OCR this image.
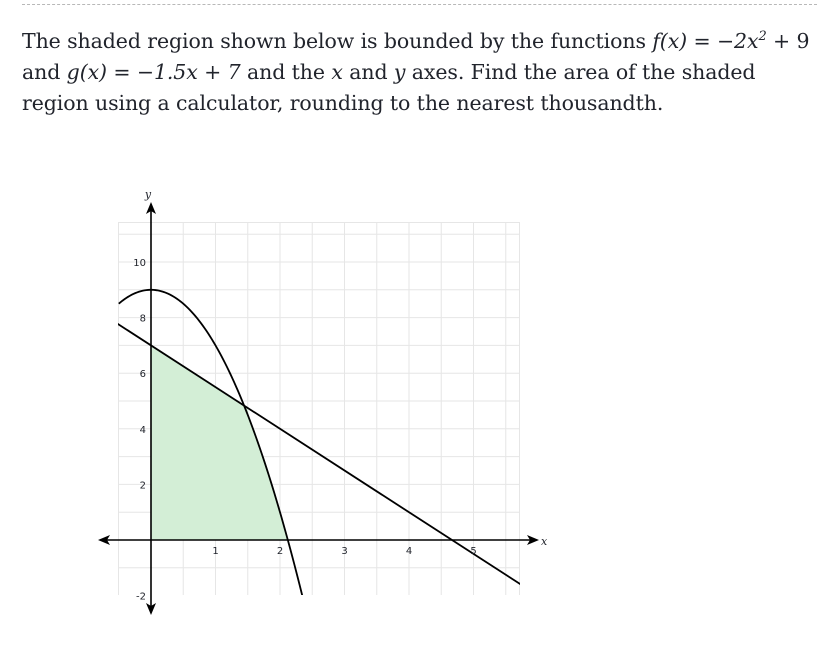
The shaded region shown below is bounded by the functions $f(x) = -2x^2 + 9$ and g(x) = −1.5x + 7 and the x and y axes. Find the area of the shaded region using a calculator, rounding to the nearest thousandth.
1	2	3	4	5
-2
2
4
6
8
10
x
y
